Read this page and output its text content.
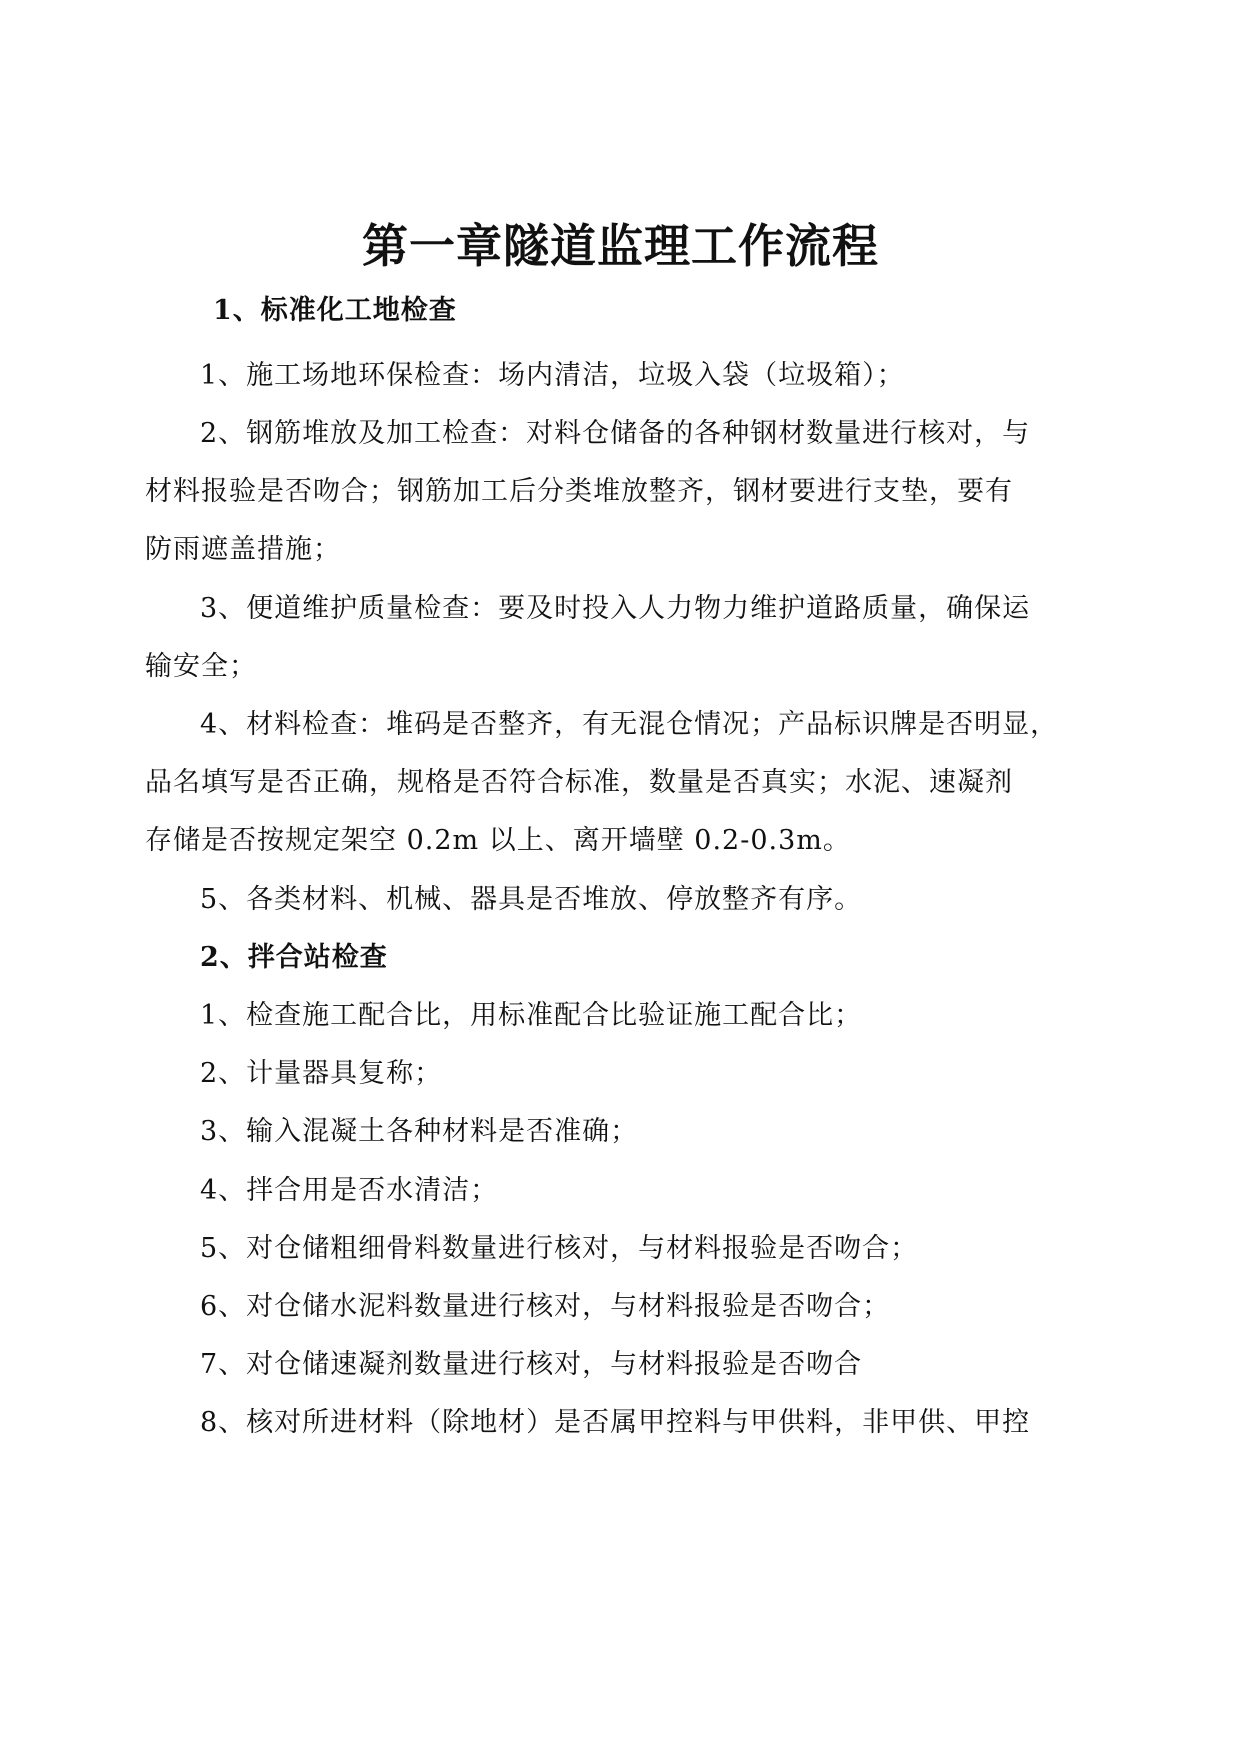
第一章隧道监理工作流程
1、标准化工地检查
1、施工场地环保检查：场内清洁，垃圾入袋（垃圾箱）；
2、钢筋堆放及加工检查：对料仓储备的各种钢材数量进行核对，与
材料报验是否吻合；钢筋加工后分类堆放整齐，钢材要进行支垫，要有
防雨遮盖措施；
3、便道维护质量检查：要及时投入人力物力维护道路质量，确保运
输安全；
4、材料检查：堆码是否整齐，有无混仓情况；产品标识牌是否明显，
品名填写是否正确，规格是否符合标准，数量是否真实；水泥、速凝剂
存储是否按规定架空 0.2m 以上、离开墙壁 0.2-0.3m。
5、各类材料、机械、器具是否堆放、停放整齐有序。
2、拌合站检查
1、检查施工配合比，用标准配合比验证施工配合比；
2、计量器具复称；
3、输入混凝土各种材料是否准确；
4、拌合用是否水清洁；
5、对仓储粗细骨料数量进行核对，与材料报验是否吻合；
6、对仓储水泥料数量进行核对，与材料报验是否吻合；
7、对仓储速凝剂数量进行核对，与材料报验是否吻合
8、核对所进材料（除地材）是否属甲控料与甲供料，非甲供、甲控
